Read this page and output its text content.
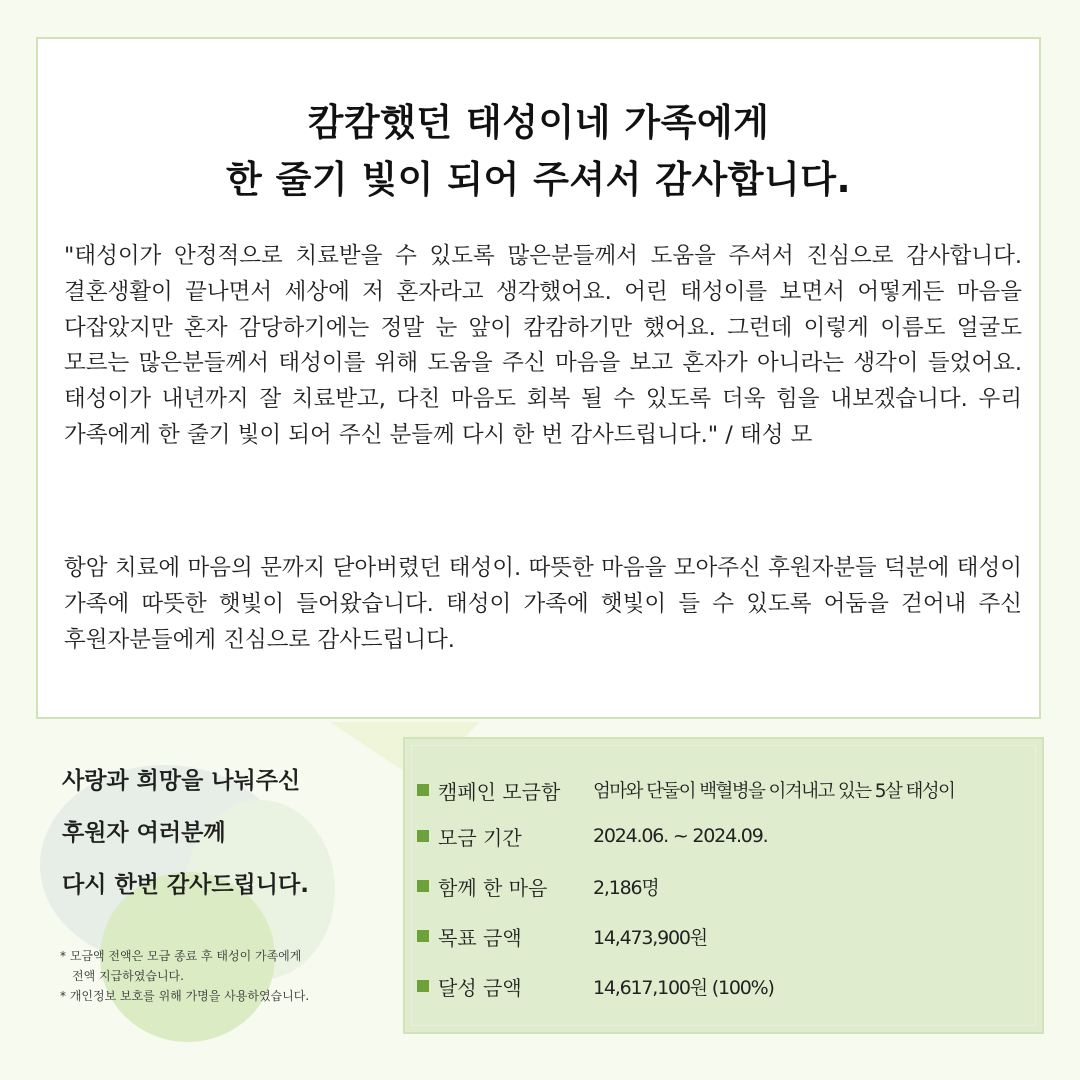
캄캄했던 태성이네 가족에게
한 줄기 빛이 되어 주셔서 감사합니다.
"태성이가 안정적으로 치료받을 수 있도록 많은분들께서 도움을 주셔서 진심으로 감사합니다. 결혼생활이 끝나면서 세상에 저 혼자라고 생각했어요. 어린 태성이를 보면서 어떻게든 마음을 다잡았지만 혼자 감당하기에는 정말 눈 앞이 캄캄하기만 했어요. 그런데 이렇게 이름도 얼굴도 모르는 많은분들께서 태성이를 위해 도움을 주신 마음을 보고 혼자가 아니라는 생각이 들었어요. 태성이가 내년까지 잘 치료받고, 다친 마음도 회복 될 수 있도록 더욱 힘을 내보겠습니다. 우리 가족에게 한 줄기 빛이 되어 주신 분들께 다시 한 번 감사드립니다." / 태성 모
항암 치료에 마음의 문까지 닫아버렸던 태성이. 따뜻한 마음을 모아주신 후원자분들 덕분에 태성이 가족에 따뜻한 햇빛이 들어왔습니다. 태성이 가족에 햇빛이 들 수 있도록 어둠을 걷어내 주신 후원자분들에게 진심으로 감사드립니다.
사랑과 희망을 나눠주신
후원자 여러분께
다시 한번 감사드립니다.
* 모금액 전액은 모금 종료 후 태성이 가족에게
전액 지급하였습니다.
* 개인정보 보호를 위해 가명을 사용하였습니다.
캠페인 모금함	엄마와 단둘이 백혈병을 이겨내고 있는 5살 태성이
모금 기간	2024.06. ~ 2024.09.
함께 한 마음	2,186명
목표 금액	14,473,900원
달성 금액	14,617,100원 (100%)
